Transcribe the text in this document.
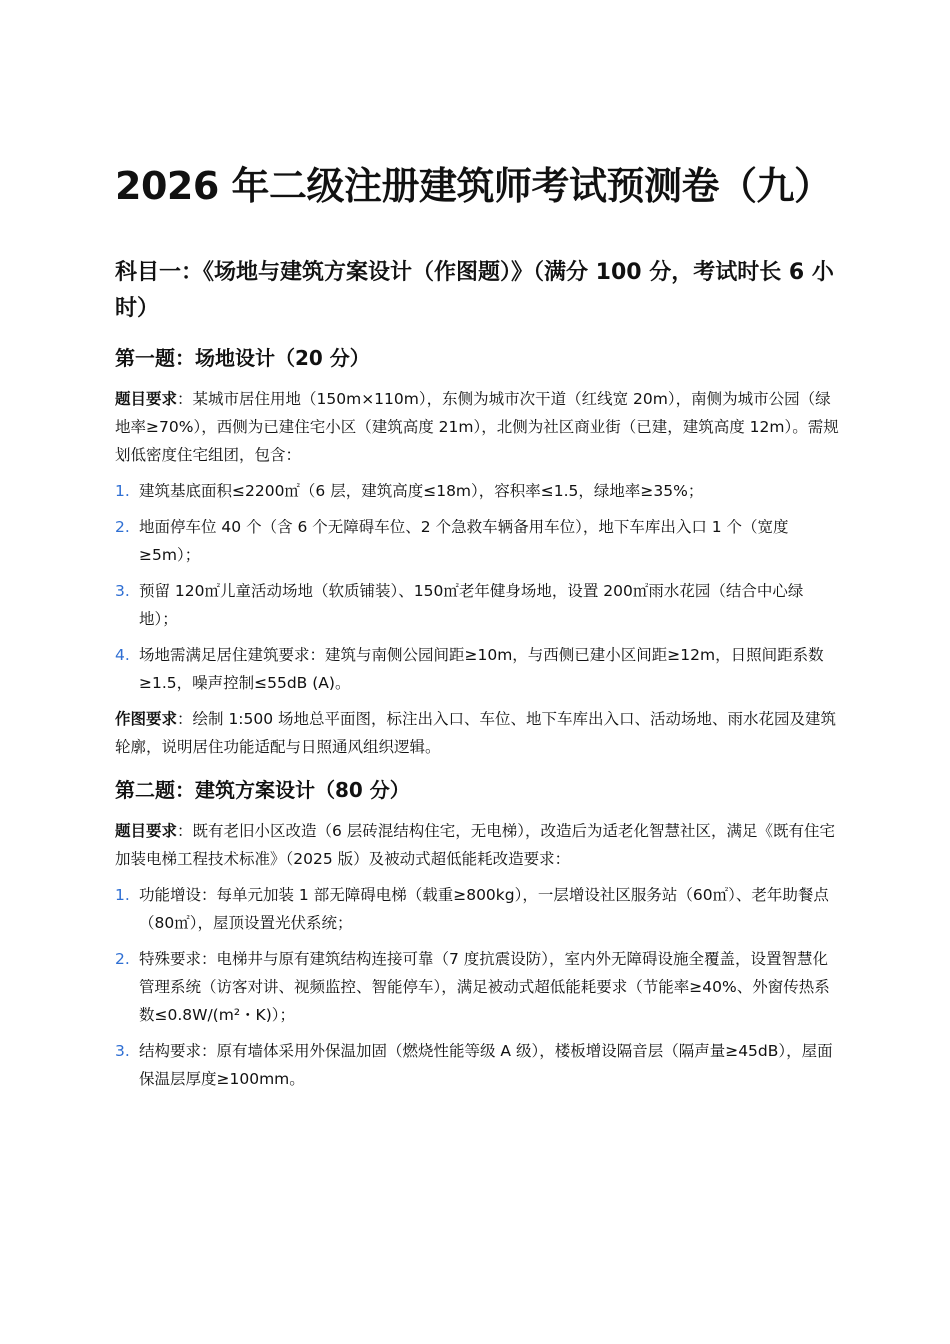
2026 年二级注册建筑师考试预测卷（九）
科目一：《场地与建筑方案设计（作图题）》（满分 100 分，考试时长 6 小时）
第一题：场地设计（20 分）

题目要求：某城市居住用地（150m×110m），东侧为城市次干道（红线宽 20m），南侧为城市公园（绿地率≥70%），西侧为已建住宅小区（建筑高度 21m），北侧为社区商业街（已建，建筑高度 12m）。需规划低密度住宅组团，包含：

1. 建筑基底面积≤2200㎡（6 层，建筑高度≤18m），容积率≤1.5，绿地率≥35%；
2. 地面停车位 40 个（含 6 个无障碍车位、2 个急救车辆备用车位），地下车库出入口 1 个（宽度≥5m）；
3. 预留 120㎡儿童活动场地（软质铺装）、150㎡老年健身场地，设置 200㎡雨水花园（结合中心绿地）；
4. 场地需满足居住建筑要求：建筑与南侧公园间距≥10m，与西侧已建小区间距≥12m，日照间距系数≥1.5，噪声控制≤55dB (A)。

作图要求：绘制 1:500 场地总平面图，标注出入口、车位、地下车库出入口、活动场地、雨水花园及建筑轮廓，说明居住功能适配与日照通风组织逻辑。

第二题：建筑方案设计（80 分）

题目要求：既有老旧小区改造（6 层砖混结构住宅，无电梯），改造后为适老化智慧社区，满足《既有住宅加装电梯工程技术标准》（2025 版）及被动式超低能耗改造要求：

1. 功能增设：每单元加装 1 部无障碍电梯（载重≥800kg），一层增设社区服务站（60㎡）、老年助餐点（80㎡），屋顶设置光伏系统；
2. 特殊要求：电梯井与原有建筑结构连接可靠（7 度抗震设防），室内外无障碍设施全覆盖，设置智慧化管理系统（访客对讲、视频监控、智能停车），满足被动式超低能耗要求（节能率≥40%、外窗传热系数≤0.8W/(m²・K)）；
3. 结构要求：原有墙体采用外保温加固（燃烧性能等级 A 级），楼板增设隔音层（隔声量≥45dB），屋面保温层厚度≥100mm。
